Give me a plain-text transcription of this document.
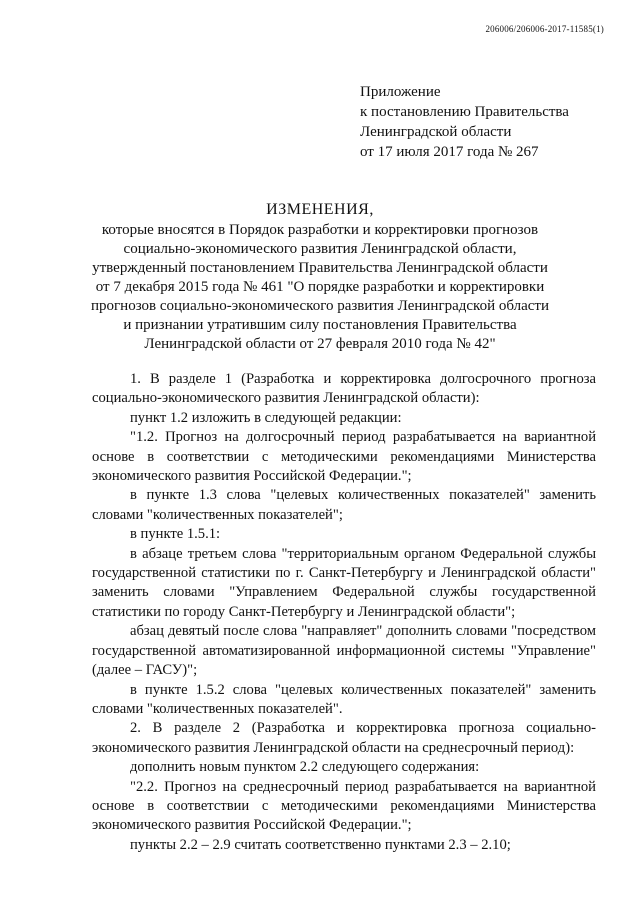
206006/206006-2017-11585(1)
Приложение
к постановлению Правительства
Ленинградской области
от 17 июля 2017 года № 267
ИЗМЕНЕНИЯ,
которые вносятся в Порядок разработки и корректировки прогнозов
социально-экономического развития Ленинградской области,
утвержденный постановлением Правительства Ленинградской области
от 7 декабря 2015 года № 461 "О порядке разработки и корректировки
прогнозов социально-экономического развития Ленинградской области
и признании утратившим силу постановления Правительства
Ленинградской области от 27 февраля 2010 года № 42"

1. В разделе 1 (Разработка и корректировка долгосрочного прогноза социально-экономического развития Ленинградской области):

пункт 1.2 изложить в следующей редакции:

"1.2. Прогноз на долгосрочный период разрабатывается на вариантной основе в соответствии с методическими рекомендациями Министерства экономического развития Российской Федерации.";

в пункте 1.3 слова "целевых количественных показателей" заменить словами "количественных показателей";

в пункте 1.5.1:

в абзаце третьем слова "территориальным органом Федеральной службы государственной статистики по г. Санкт-Петербургу и Ленинградской области" заменить словами "Управлением Федеральной службы государственной статистики по городу Санкт-Петербургу и Ленинградской области";

абзац девятый после слова "направляет" дополнить словами "посредством государственной автоматизированной информационной системы "Управление" (далее – ГАСУ)";

в пункте 1.5.2 слова "целевых количественных показателей" заменить словами "количественных показателей".

2. В разделе 2 (Разработка и корректировка прогноза социально-экономического развития Ленинградской области на среднесрочный период):

дополнить новым пунктом 2.2 следующего содержания:

"2.2. Прогноз на среднесрочный период разрабатывается на вариантной основе в соответствии с методическими рекомендациями Министерства экономического развития Российской Федерации.";

пункты 2.2 – 2.9 считать соответственно пунктами 2.3 – 2.10;
